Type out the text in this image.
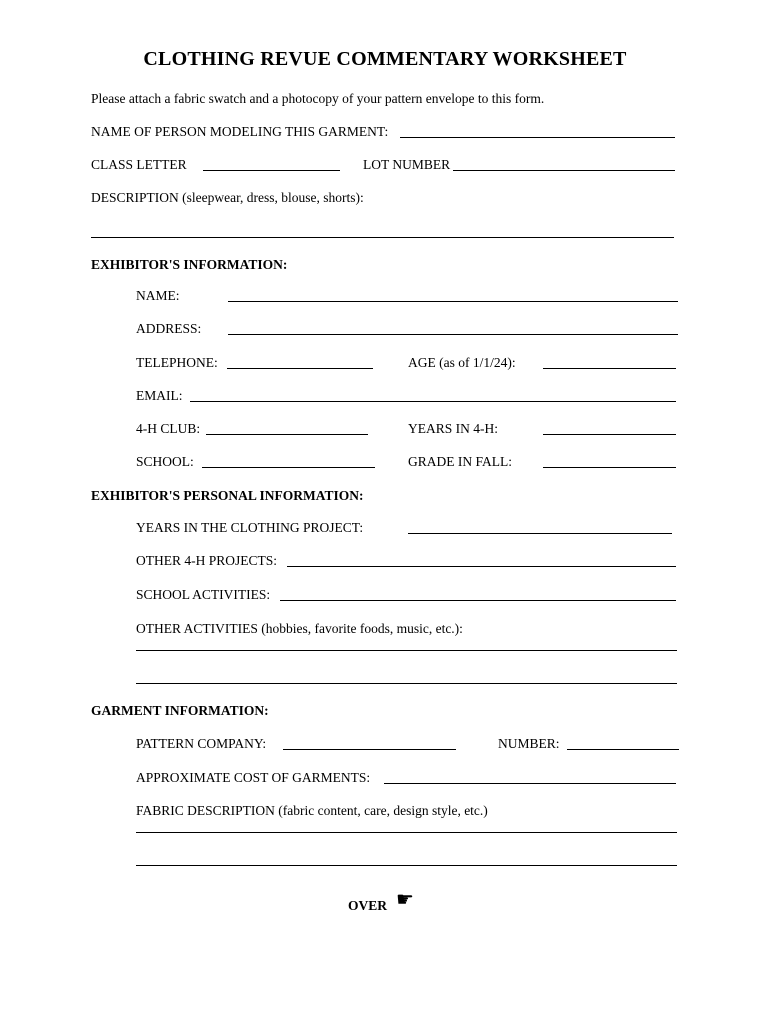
CLOTHING REVUE COMMENTARY WORKSHEET
Please attach a fabric swatch and a photocopy of your pattern envelope to this form.
NAME OF PERSON MODELING THIS GARMENT:
CLASS LETTER	LOT NUMBER
DESCRIPTION (sleepwear, dress, blouse, shorts):
EXHIBITOR'S INFORMATION:
NAME:
ADDRESS:
TELEPHONE:	AGE (as of 1/1/24):
EMAIL:
4-H CLUB:	YEARS IN 4-H:
SCHOOL:	GRADE IN FALL:
EXHIBITOR'S PERSONAL INFORMATION:
YEARS IN THE CLOTHING PROJECT:
OTHER 4-H PROJECTS:
SCHOOL ACTIVITIES:
OTHER ACTIVITIES (hobbies, favorite foods, music, etc.):
GARMENT INFORMATION:
PATTERN COMPANY:	NUMBER:
APPROXIMATE COST OF GARMENTS:
FABRIC DESCRIPTION (fabric content, care, design style, etc.)
OVER ☛
